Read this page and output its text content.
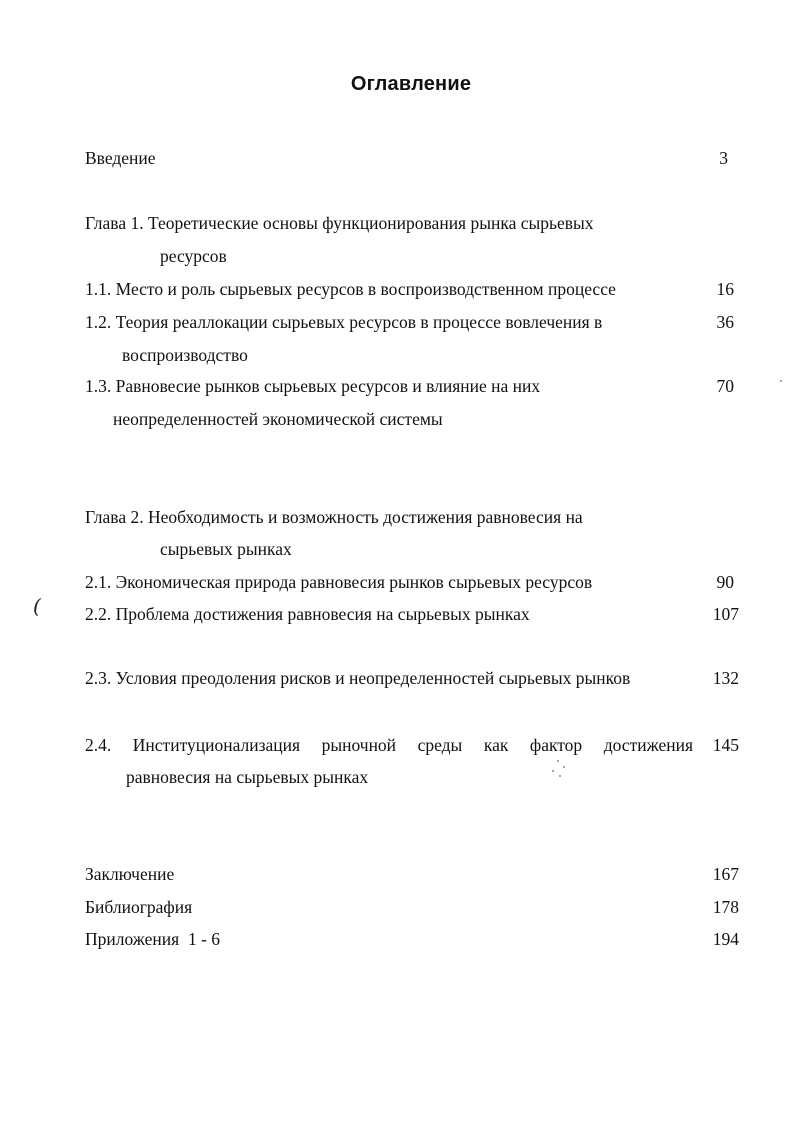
Оглавление
Введение	3
Глава 1. Теоретические основы функционирования рынка сырьевых
ресурсов
1.1. Место и роль сырьевых ресурсов в воспроизводственном процессе	16
1.2. Теория реаллокации сырьевых ресурсов в процессе вовлечения в	36
воспроизводство
1.3. Равновесие рынков сырьевых ресурсов и влияние на них	70
неопределенностей экономической системы
Глава 2. Необходимость и возможность достижения равновесия на
сырьевых рынках
2.1. Экономическая природа равновесия рынков сырьевых ресурсов	90
2.2. Проблема достижения равновесия на сырьевых рынках	107
2.3. Условия преодоления рисков и неопределенностей сырьевых рынков	132
2.4. Институционализация рыночной среды как фактор достижения 145
равновесия на сырьевых рынках
Заключение	167
Библиография	178
Приложения  1 - 6	194
(
